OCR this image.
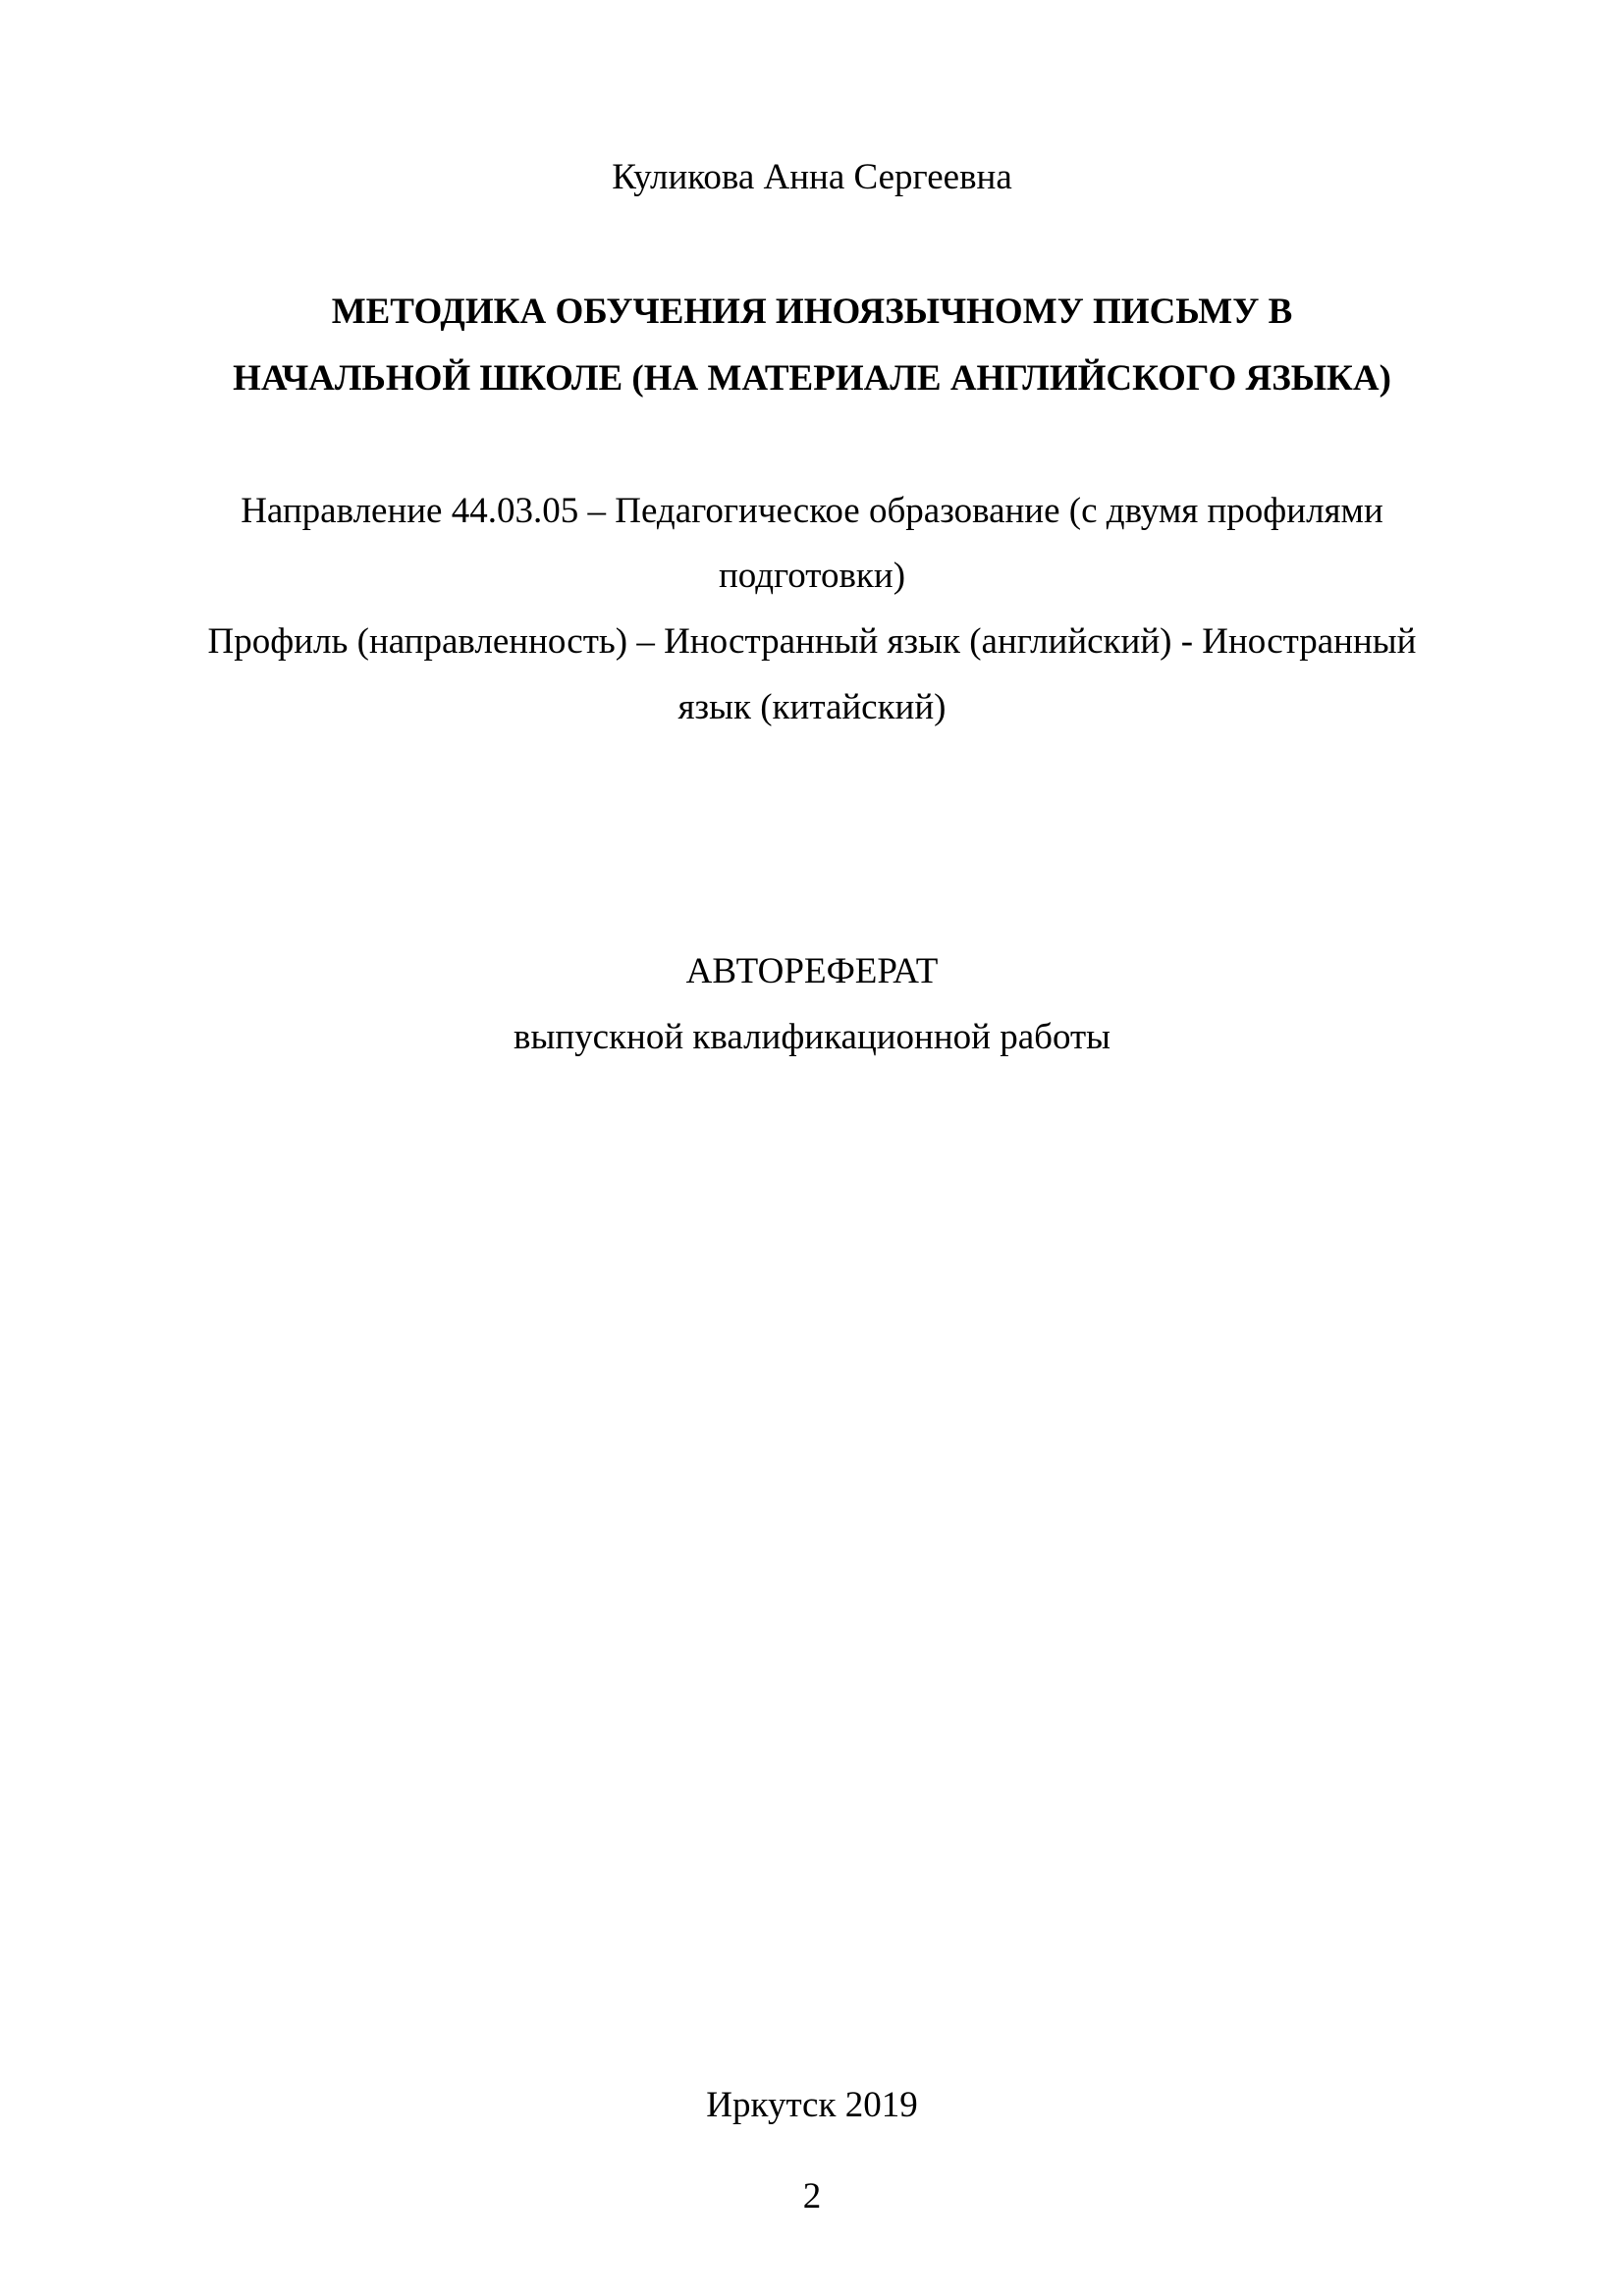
Куликова Анна Сергеевна
МЕТОДИКА ОБУЧЕНИЯ ИНОЯЗЫЧНОМУ ПИСЬМУ В
НАЧАЛЬНОЙ ШКОЛЕ (НА МАТЕРИАЛЕ АНГЛИЙСКОГО ЯЗЫКА)
Направление 44.03.05 – Педагогическое образование (с двумя профилями
подготовки)
Профиль (направленность) – Иностранный язык (английский) - Иностранный
язык (китайский)
АВТОРЕФЕРАТ
выпускной квалификационной работы
Иркутск 2019
2
